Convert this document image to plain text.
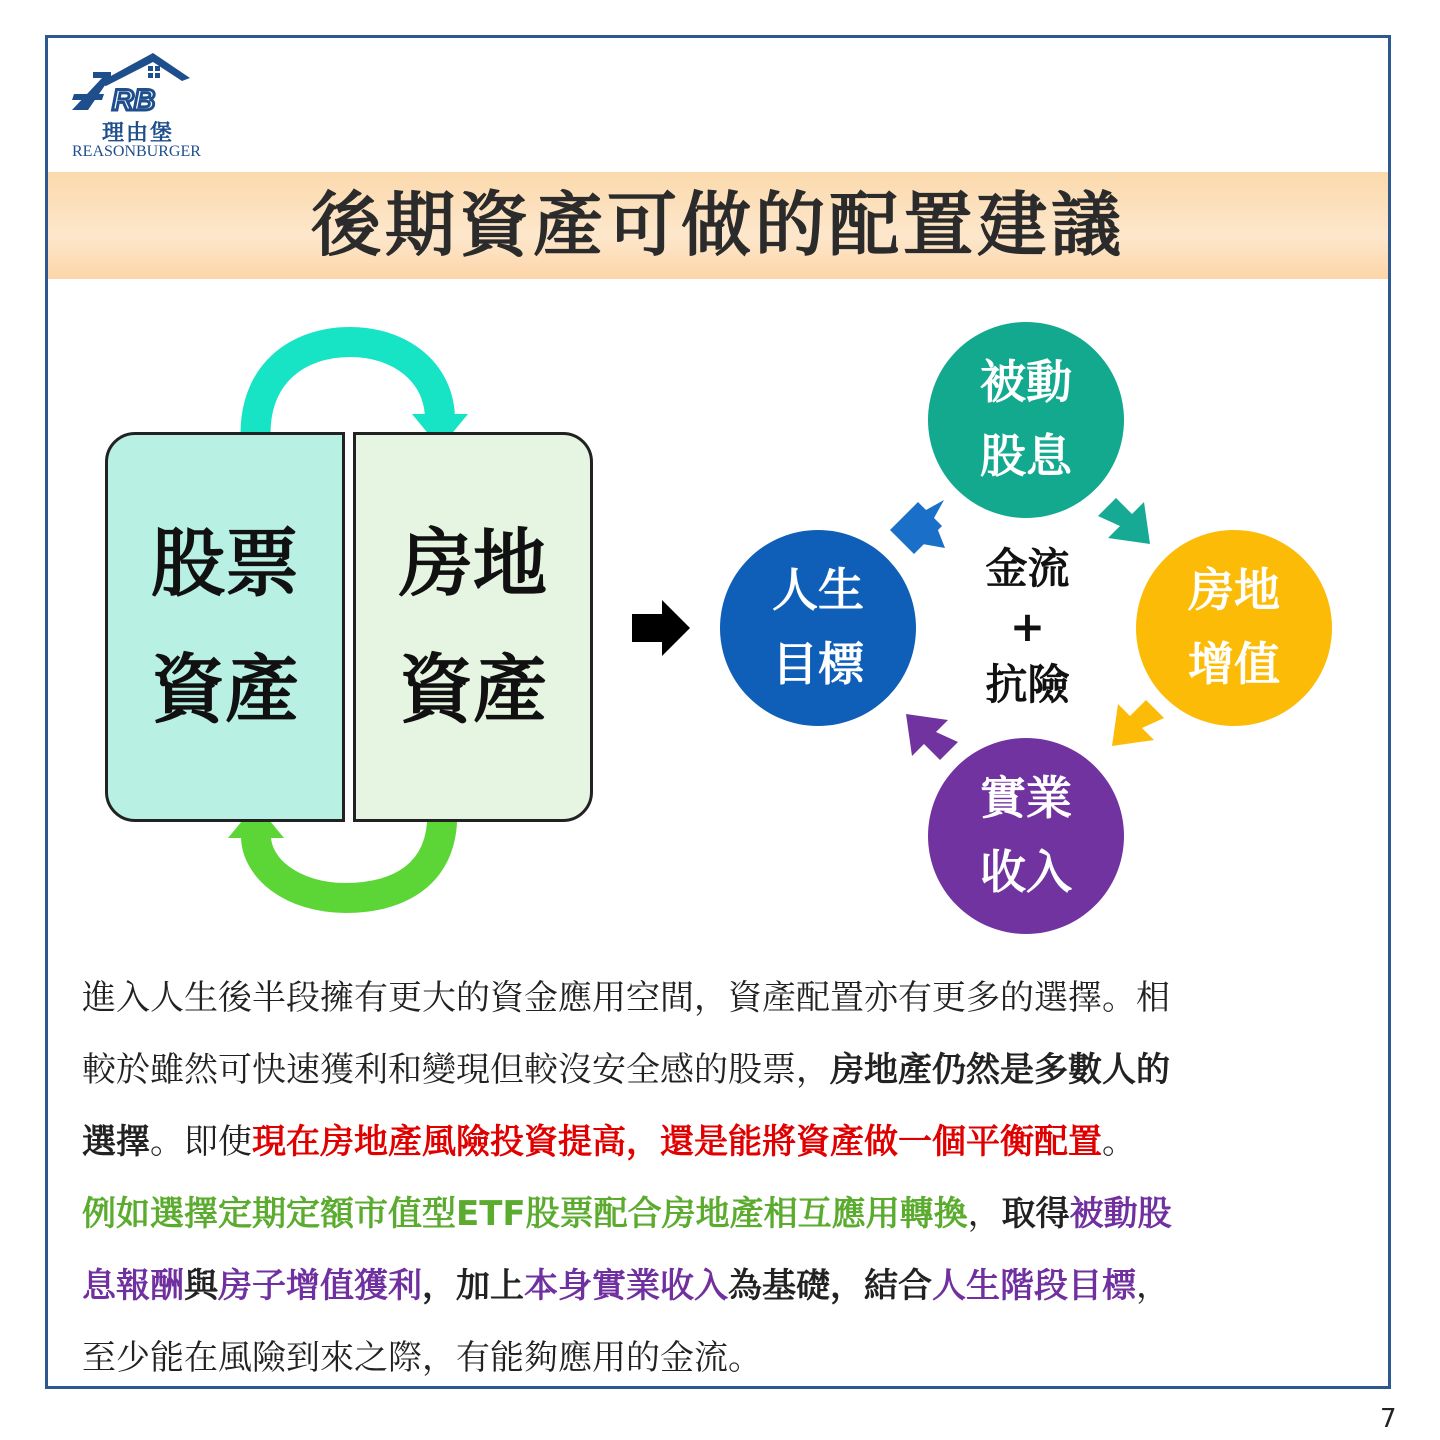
RB
理由堡
REASONBURGER
後期資產可做的配置建議
股票
資產
房地
資產
人生
目標
被動
股息
房地
增值
實業
收入
金流
+
抗險
進入人生後半段擁有更大的資金應用空間，資產配置亦有更多的選擇。相
較於雖然可快速獲利和變現但較沒安全感的股票，房地產仍然是多數人的
選擇。即使現在房地產風險投資提高，還是能將資產做一個平衡配置。
例如選擇定期定額市值型ETF股票配合房地產相互應用轉換，取得被動股
息報酬與房子增值獲利，加上本身實業收入為基礎，結合人生階段目標，
至少能在風險到來之際，有能夠應用的金流。
7
